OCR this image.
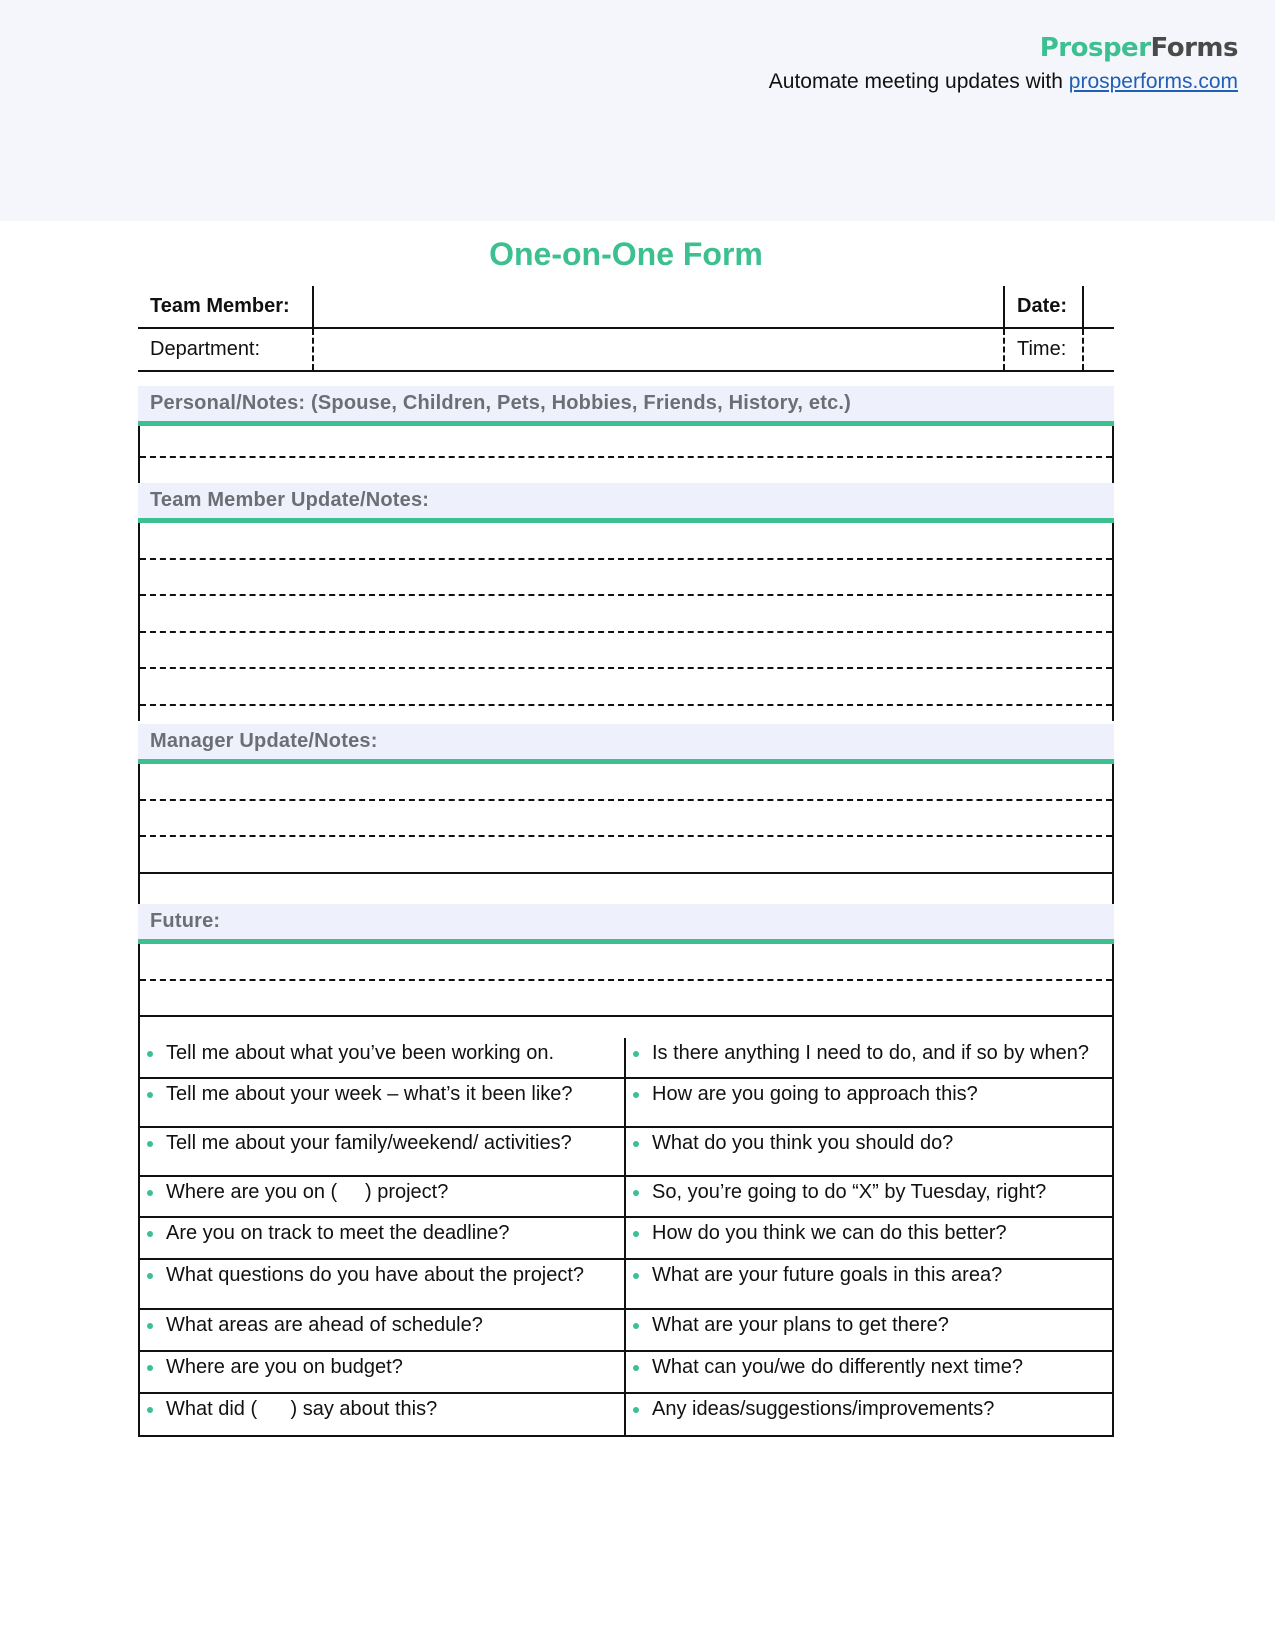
ProsperForms
Automate meeting updates with prosperforms.com
One-on-One Form
Team Member:	Date:
Department:	Time:
Personal/Notes: (Spouse, Children, Pets, Hobbies, Friends, History, etc.)
Team Member Update/Notes:
Manager Update/Notes:
Future:
Tell me about what you’ve been working on.	Is there anything I need to do, and if so by when?
Tell me about your week – what’s it been like?	How are you going to approach this?
Tell me about your family/weekend/ activities?	What do you think you should do?
Where are you on (     ) project?	So, you’re going to do “X” by Tuesday, right?
Are you on track to meet the deadline?	How do you think we can do this better?
What questions do you have about the project?	What are your future goals in this area?
What areas are ahead of schedule?	What are your plans to get there?
Where are you on budget?	What can you/we do differently next time?
What did (      ) say about this?	Any ideas/suggestions/improvements?
